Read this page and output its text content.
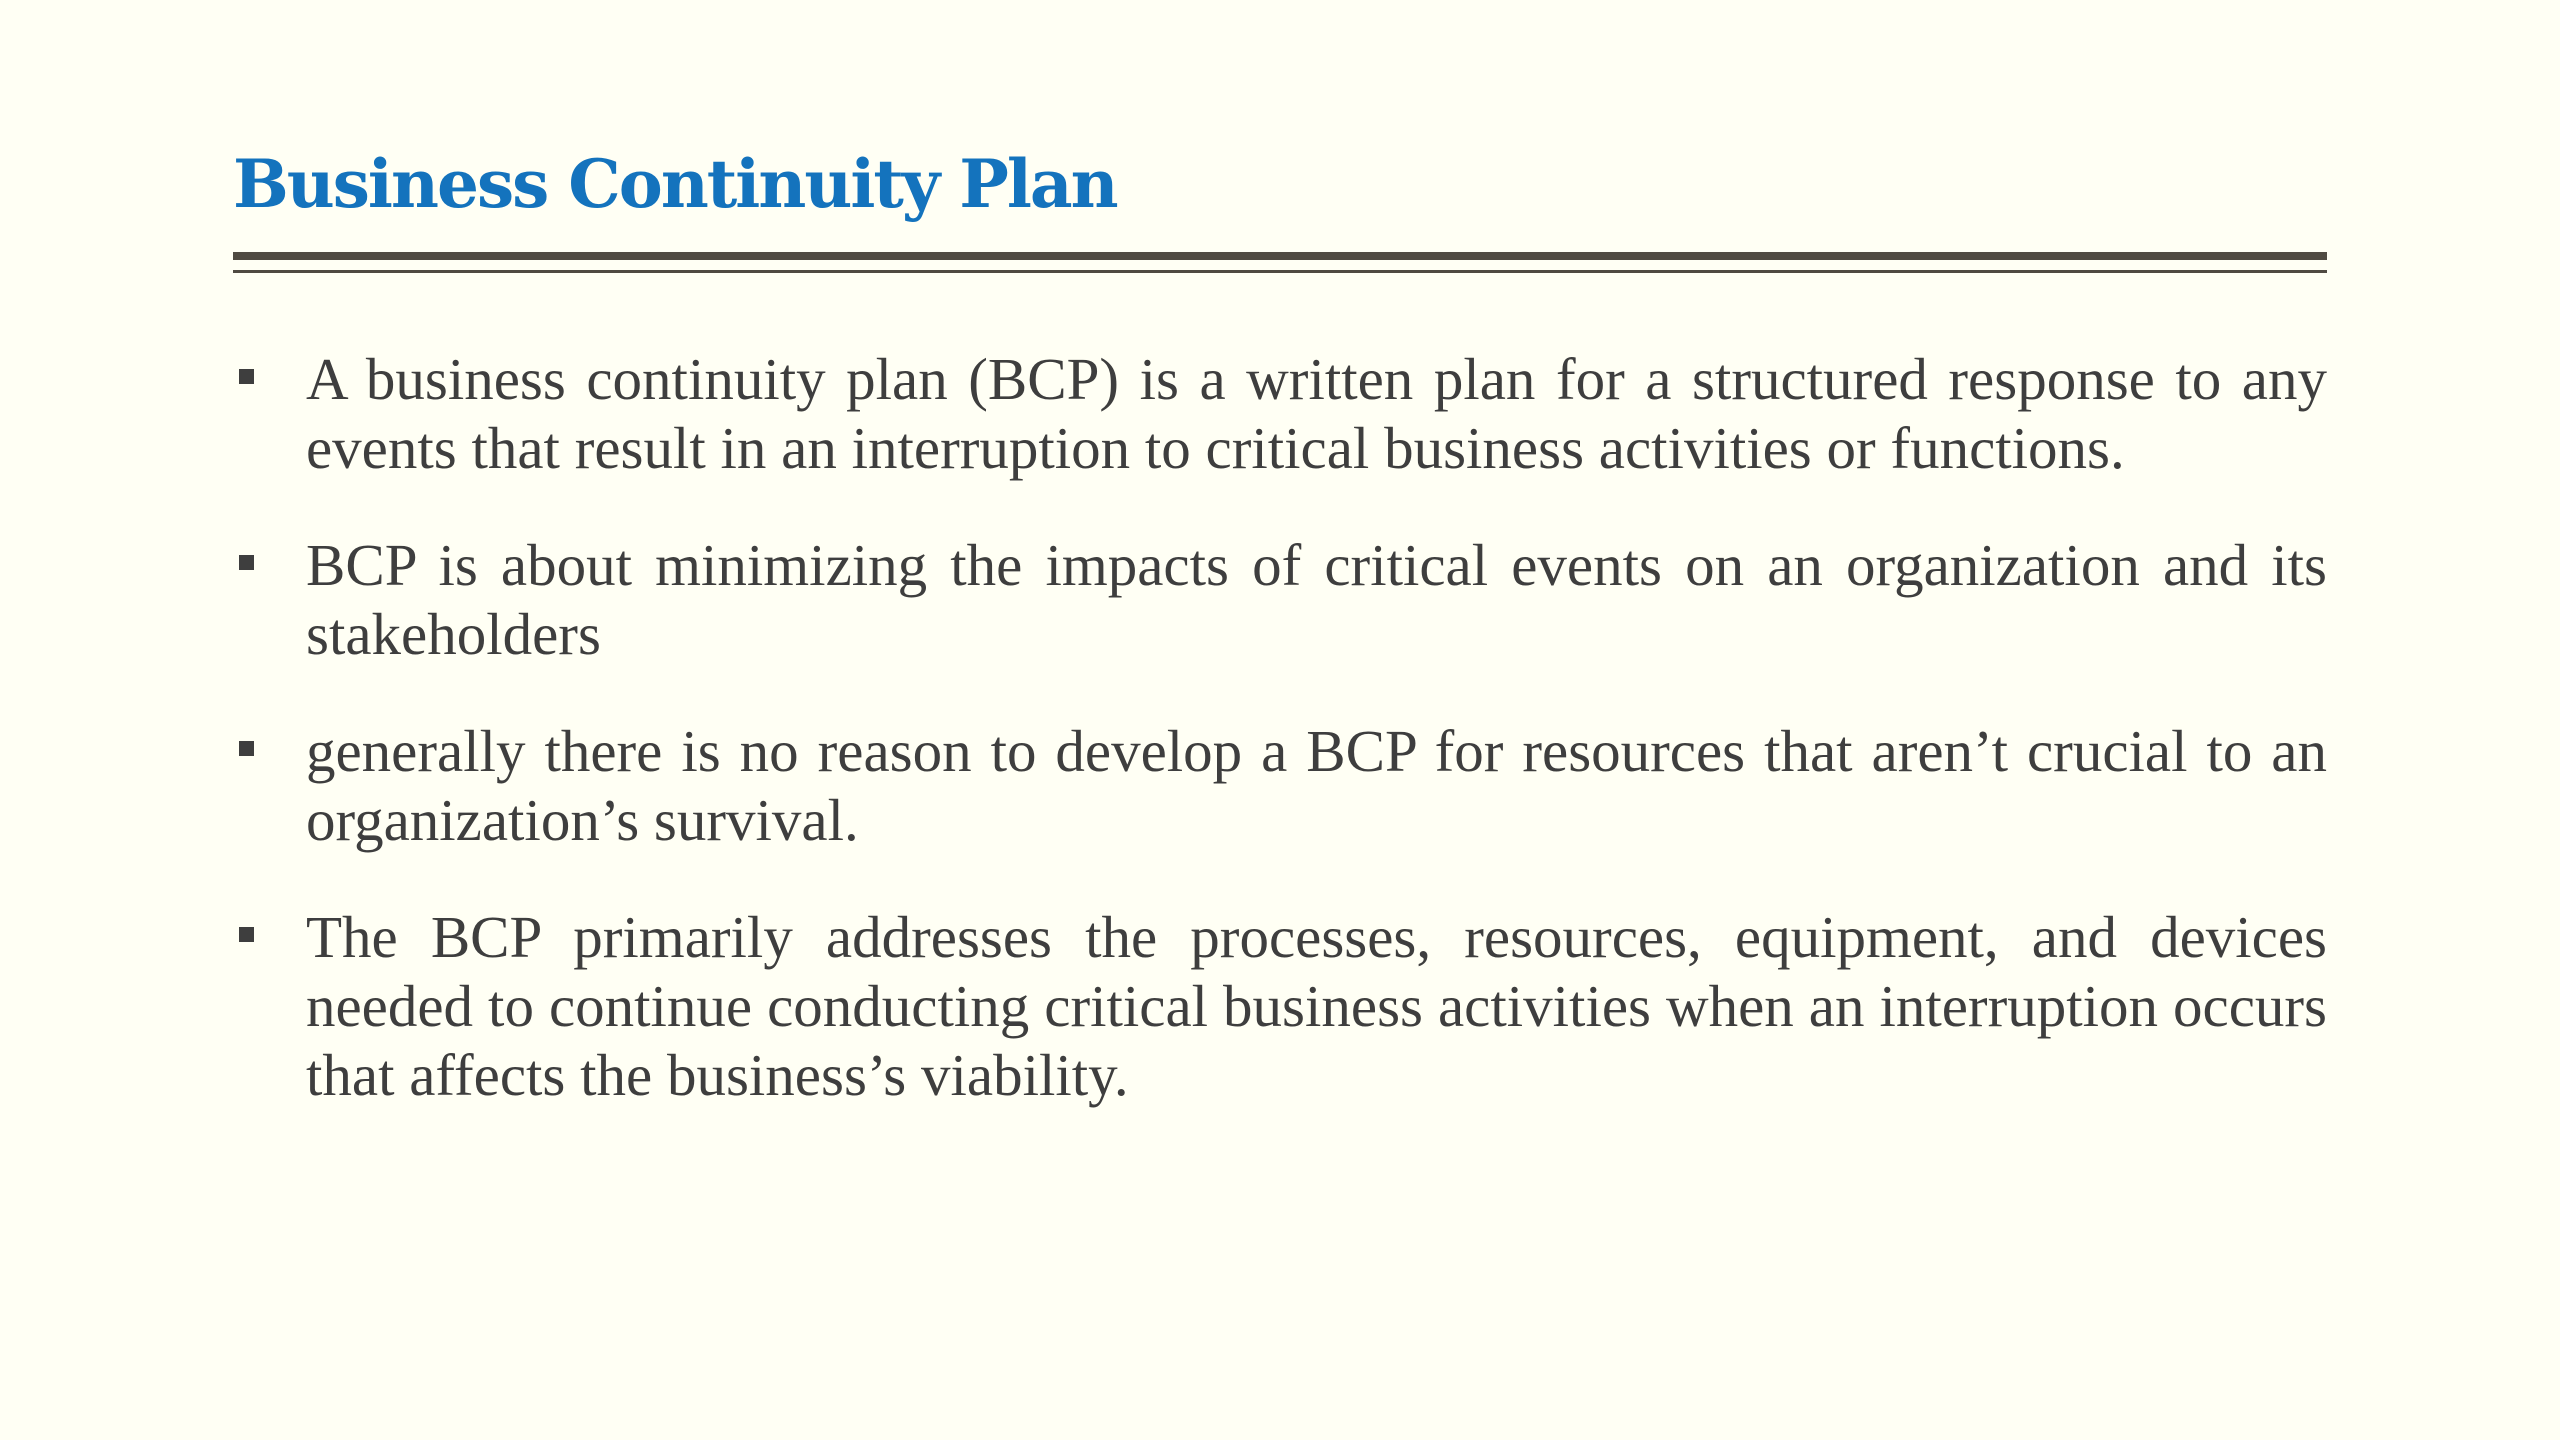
Business Continuity Plan
A business continuity plan (BCP) is a written plan for a structured response to any events that result in an interruption to critical business activities or functions.
BCP is about minimizing the impacts of critical events on an organization and its stakeholders
generally there is no reason to develop a BCP for resources that aren’t crucial to an organization’s survival.
The BCP primarily addresses the processes, resources, equipment, and devices needed to continue conducting critical business activities when an interruption occurs that affects the business’s viability.
